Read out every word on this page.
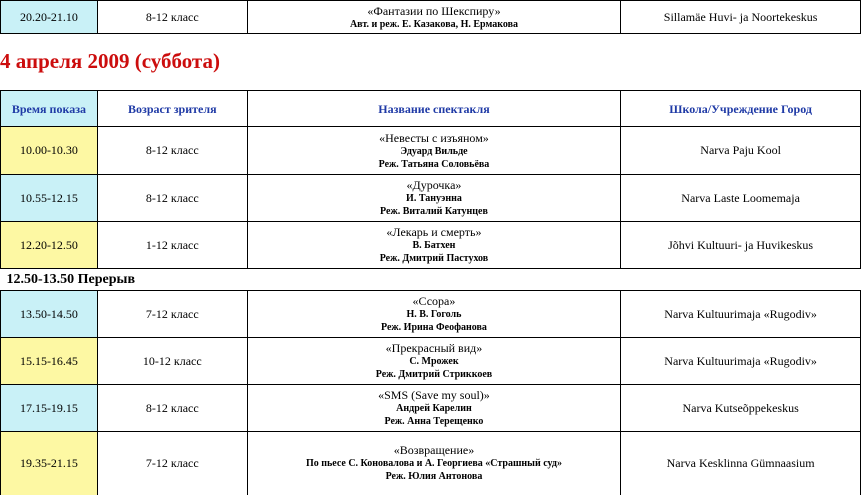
20.20-21.10	8-12 класс	«Фантазии по Шекспиру»
Авт. и реж. Е. Казакова, Н. Ермакова
	Sillamäe Huvi- ja Noortekeskus
4 апреля 2009 (суббота)
Время показа	Возраст зрителя	Название спектакля	Школа/Учреждение Город
10.00-10.30	8-12 класс	«Невесты с изъяном»
Эдуард Вильде
Реж. Татьяна Соловьёва	Narva Paju Kool
10.55-12.15	8-12 класс	«Дурочка»
И. Тануэнна
Реж. Виталий Катунцев	Narva Laste Loomemaja
12.20-12.50	1-12 класс	«Лекарь и смерть»
В. Батхен
Реж. Дмитрий Пастухов	Jõhvi Kultuuri- ja Huvikeskus
12.50-13.50 Перерыв			
13.50-14.50	7-12 класс	«Ссора»
Н. В. Гоголь
Реж. Ирина Феофанова	Narva Kultuurimaja «Rugodiv»
15.15-16.45	10-12 класс	«Прекрасный вид»
С. Мрожек
Реж. Дмитрий Стриккоев	Narva Kultuurimaja «Rugodiv»
17.15-19.15	8-12 класс	«SMS (Save my soul)»
Андрей Карелин
Реж. Анна Терещенко	Narva Kutseõppekeskus
19.35-21.15	7-12 класс	«Возвращение»
По пьесе С. Коновалова и А. Георгиева «Страшный суд»
Реж. Юлия Антонова	Narva Kesklinna Gümnaasium
